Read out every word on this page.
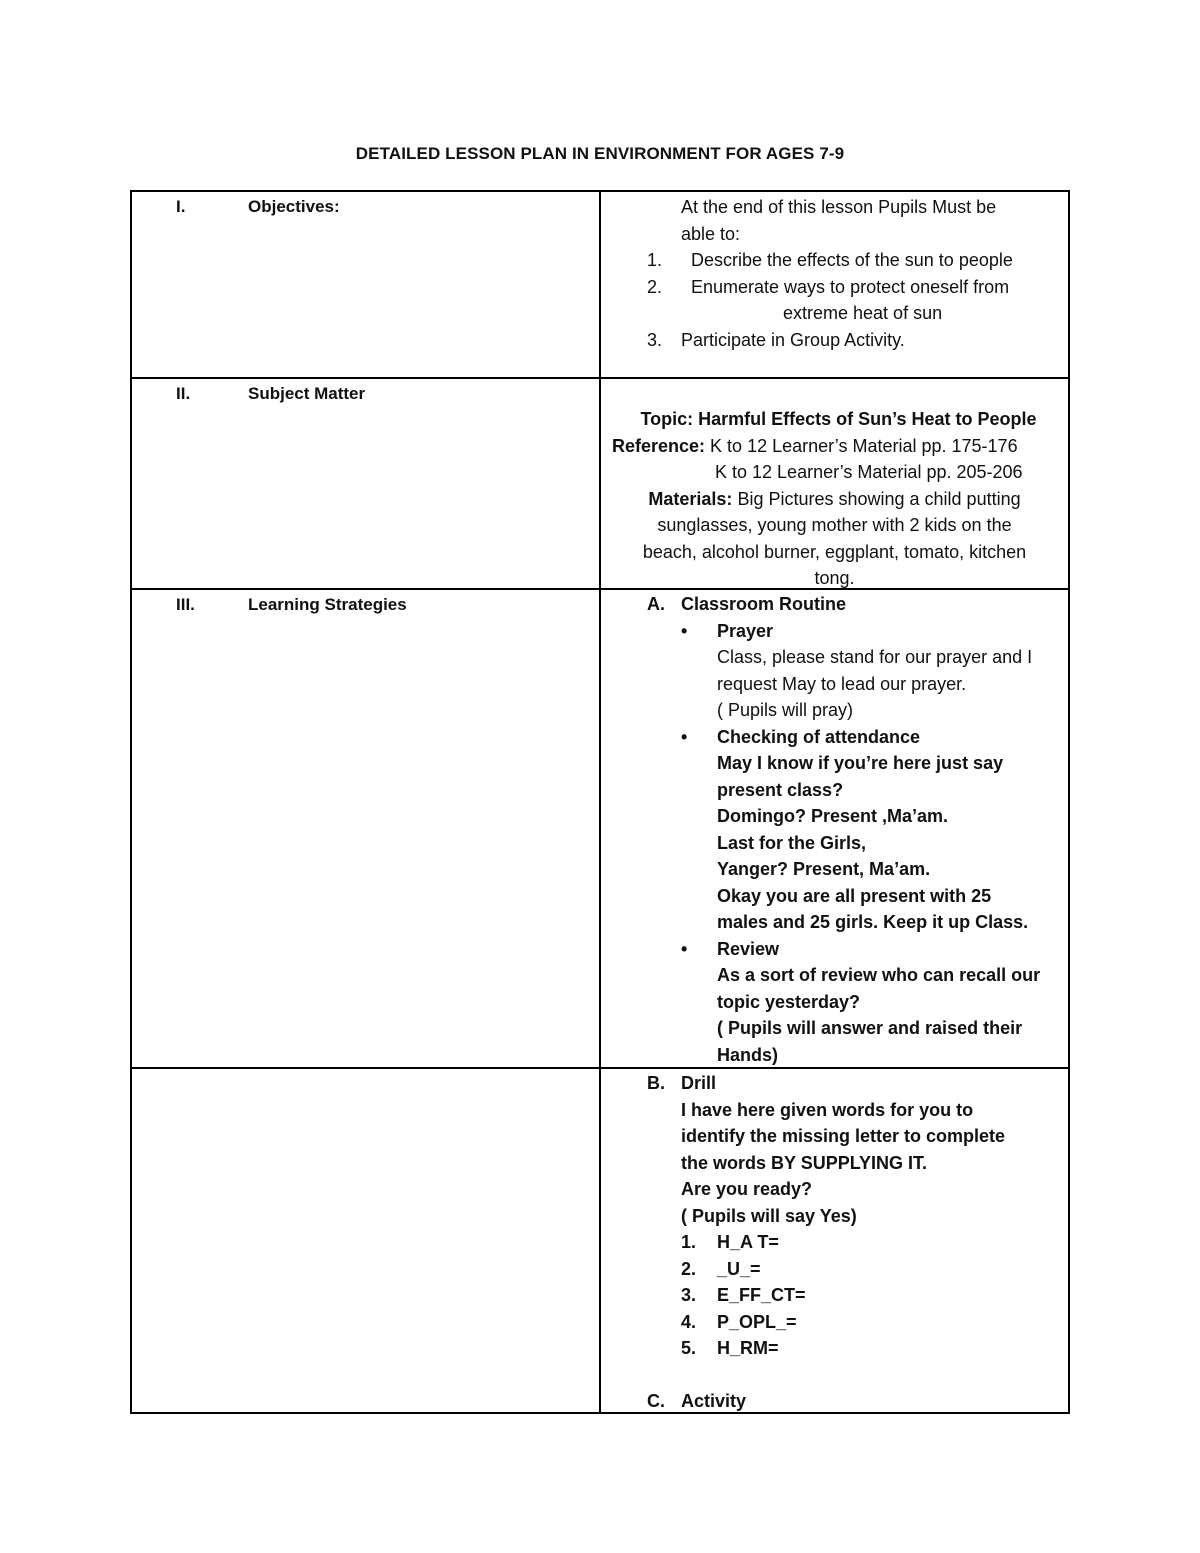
DETAILED LESSON PLAN IN ENVIRONMENT FOR AGES 7-9
I.	Objectives:	At the end of this lesson Pupils Must be
able to:
1. Describe the effects of the sun to people
2. Enumerate ways to protect oneself from
extreme heat of sun
3. Participate in Group Activity.
II.	Subject Matter
Topic: Harmful Effects of Sun’s Heat to People
Reference: K to 12 Learner’s Material pp. 175-176
K to 12 Learner’s Material pp. 205-206
Materials: Big Pictures showing a child putting
sunglasses, young mother with 2 kids on the
beach, alcohol burner, eggplant, tomato, kitchen
tong.
III.	Learning Strategies	A. Classroom Routine
• Prayer
Class, please stand for our prayer and I
request May to lead our prayer.
( Pupils will pray)
• Checking of attendance
May I know if you’re here just say
present class?
Domingo? Present ,Ma’am.
Last for the Girls,
Yanger? Present, Ma’am.
Okay you are all present with 25
males and 25 girls. Keep it up Class.
• Review
As a sort of review who can recall our
topic yesterday?
( Pupils will answer and raised their
Hands)
B. Drill
I have here given words for you to
identify the missing letter to complete
the words BY SUPPLYING IT.
Are you ready?
( Pupils will say Yes)
1. H_A T=
2. _U_=
3. E_FF_CT=
4. P_OPL_=
5. H_RM=
C. Activity
